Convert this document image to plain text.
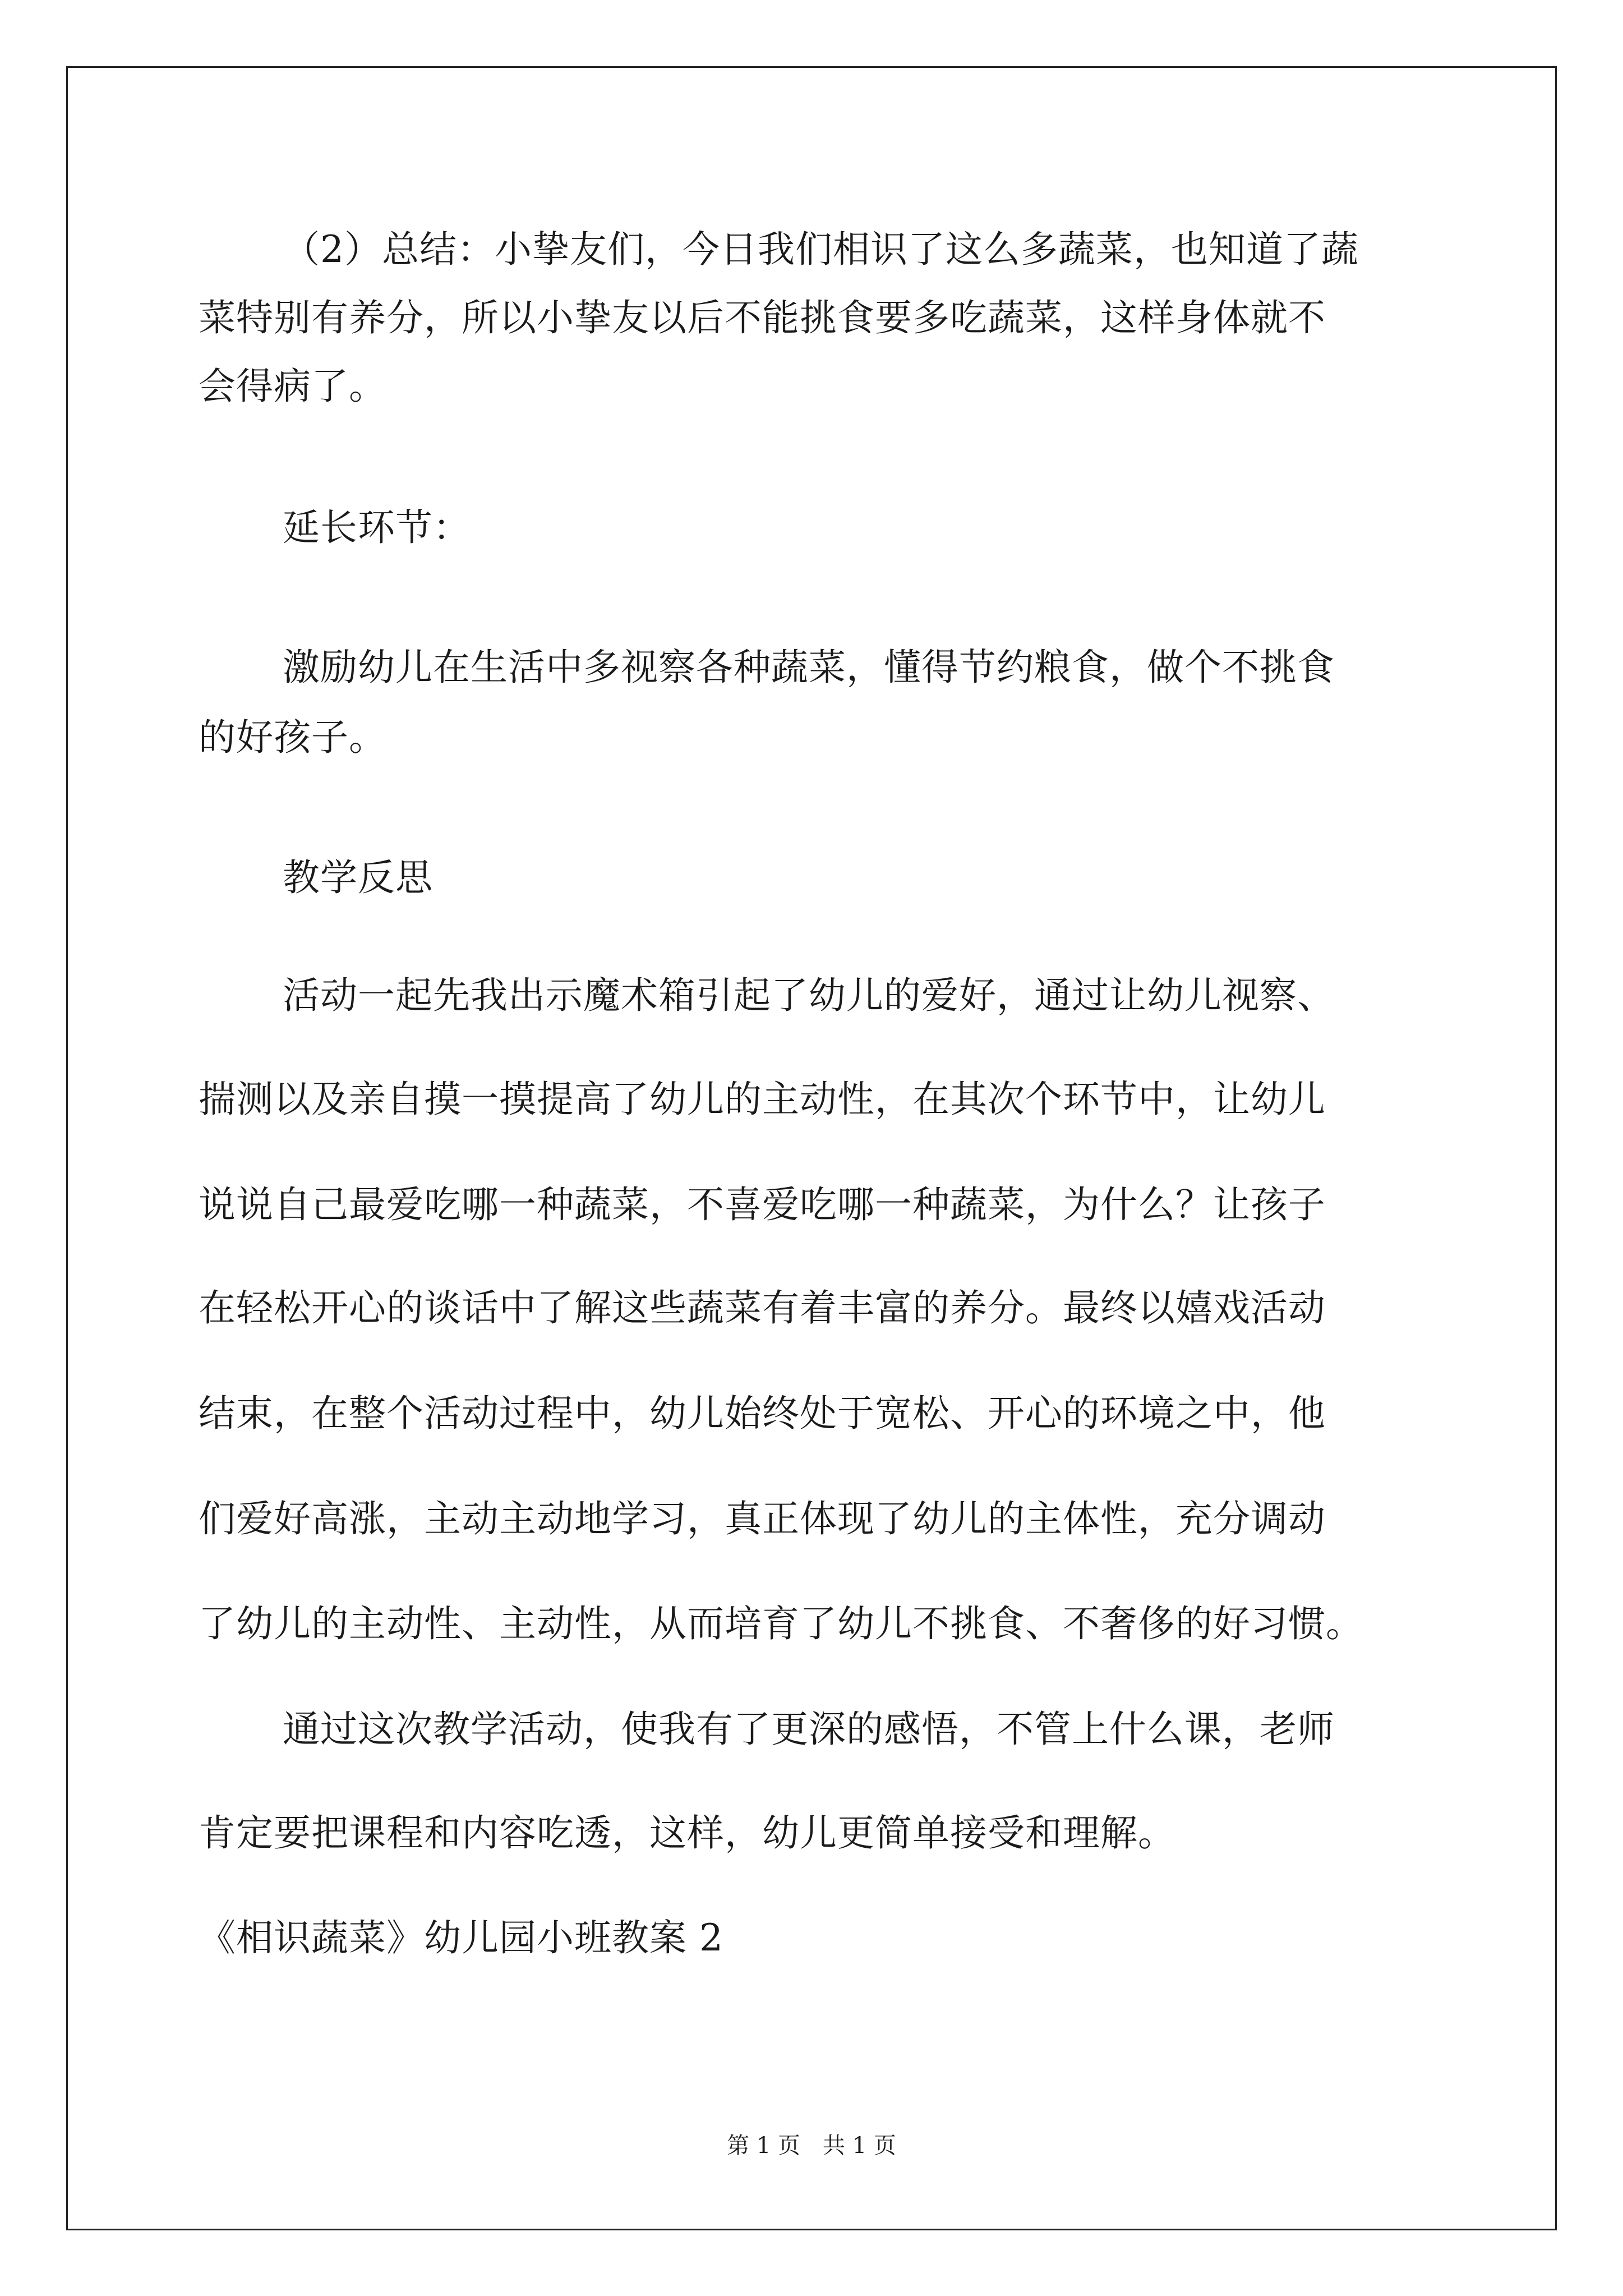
（2）总结：小挚友们，今日我们相识了这么多蔬菜，也知道了蔬
菜特别有养分，所以小挚友以后不能挑食要多吃蔬菜，这样身体就不
会得病了。
延长环节：
激励幼儿在生活中多视察各种蔬菜，懂得节约粮食，做个不挑食
的好孩子。
教学反思
活动一起先我出示魔术箱引起了幼儿的爱好，通过让幼儿视察、
揣测以及亲自摸一摸提高了幼儿的主动性，在其次个环节中，让幼儿
说说自己最爱吃哪一种蔬菜，不喜爱吃哪一种蔬菜，为什么？让孩子
在轻松开心的谈话中了解这些蔬菜有着丰富的养分。最终以嬉戏活动
结束，在整个活动过程中，幼儿始终处于宽松、开心的环境之中，他
们爱好高涨，主动主动地学习，真正体现了幼儿的主体性，充分调动
了幼儿的主动性、主动性，从而培育了幼儿不挑食、不奢侈的好习惯。
通过这次教学活动，使我有了更深的感悟，不管上什么课，老师
肯定要把课程和内容吃透，这样，幼儿更简单接受和理解。
《相识蔬菜》幼儿园小班教案 2
第 1 页　共 1 页
